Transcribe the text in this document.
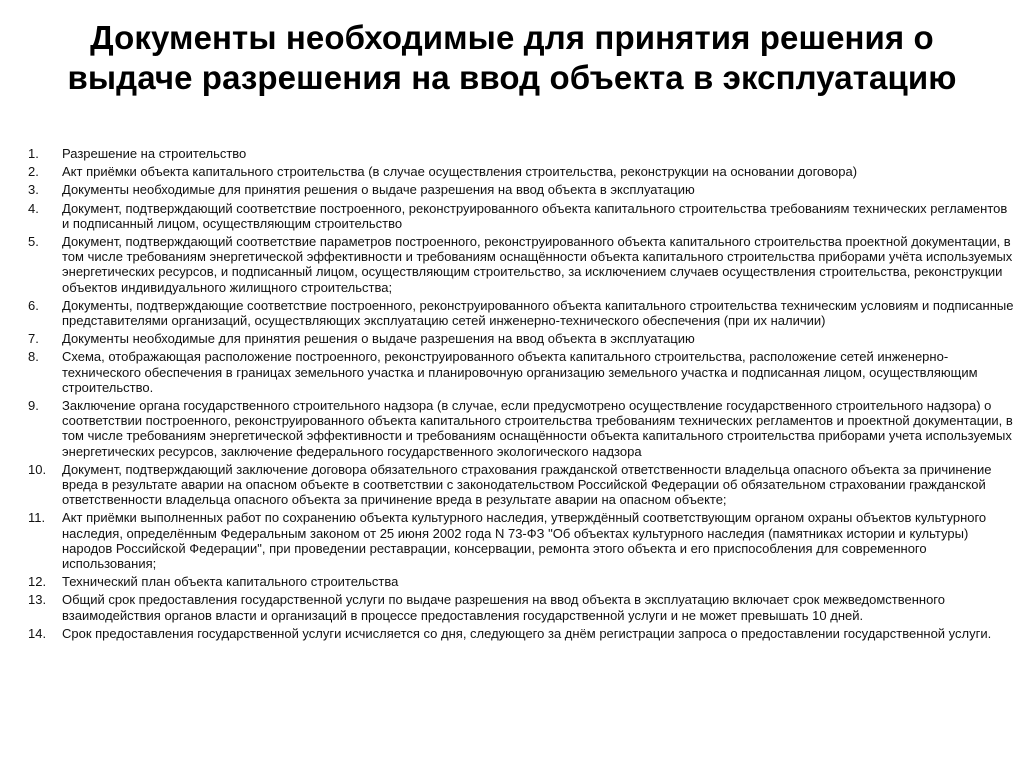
Документы необходимые для принятия решения о выдаче разрешения на ввод объекта в эксплуатацию
1.	Разрешение на строительство
2.	Акт приёмки объекта капитального строительства (в случае осуществления строительства, реконструкции на основании договора)
3.	Документы необходимые для принятия решения о выдаче разрешения на ввод объекта в эксплуатацию
4.	Документ, подтверждающий соответствие построенного, реконструированного объекта капитального строительства требованиям технических регламентов и подписанный лицом, осуществляющим строительство
5.	Документ, подтверждающий соответствие параметров построенного, реконструированного объекта капитального строительства проектной документации, в том числе требованиям энергетической эффективности и требованиям оснащённости объекта капитального строительства приборами учёта используемых энергетических ресурсов, и подписанный лицом, осуществляющим строительство, за исключением случаев осуществления строительства, реконструкции объектов индивидуального жилищного строительства;
6.	Документы, подтверждающие соответствие построенного, реконструированного объекта капитального строительства техническим условиям и подписанные представителями организаций, осуществляющих эксплуатацию сетей инженерно-технического обеспечения (при их наличии)
7.	Документы необходимые для принятия решения о выдаче разрешения на ввод объекта в эксплуатацию
8.	Схема, отображающая расположение построенного, реконструированного объекта капитального строительства, расположение сетей инженерно-технического обеспечения в границах земельного участка и планировочную организацию земельного участка и подписанная лицом, осуществляющим строительство.
9.	Заключение органа государственного строительного надзора (в случае, если предусмотрено осуществление государственного строительного надзора) о соответствии построенного, реконструированного объекта капитального строительства требованиям технических регламентов и проектной документации, в том числе требованиям энергетической эффективности и требованиям оснащённости объекта капитального строительства приборами учета используемых энергетических ресурсов, заключение федерального государственного экологического надзора
10.	Документ, подтверждающий заключение договора обязательного страхования гражданской ответственности владельца опасного объекта за причинение вреда в результате аварии на опасном объекте в соответствии с законодательством Российской Федерации об обязательном страховании гражданской ответственности владельца опасного объекта за причинение вреда в результате аварии на опасном объекте;
11.	Акт приёмки выполненных работ по сохранению объекта культурного наследия, утверждённый соответствующим органом охраны объектов культурного наследия, определённым Федеральным законом от 25 июня 2002 года N 73-ФЗ "Об объектах культурного наследия (памятниках истории и культуры) народов Российской Федерации", при проведении реставрации, консервации, ремонта этого объекта и его приспособления для современного использования;
12.	Технический план объекта капитального строительства
13.	Общий срок предоставления государственной услуги по выдаче разрешения на ввод объекта в эксплуатацию включает срок межведомственного взаимодействия органов власти и организаций в процессе предоставления государственной услуги и не может превышать 10 дней.
14.	Срок предоставления государственной услуги исчисляется со дня, следующего за днём регистрации запроса о предоставлении государственной услуги.
